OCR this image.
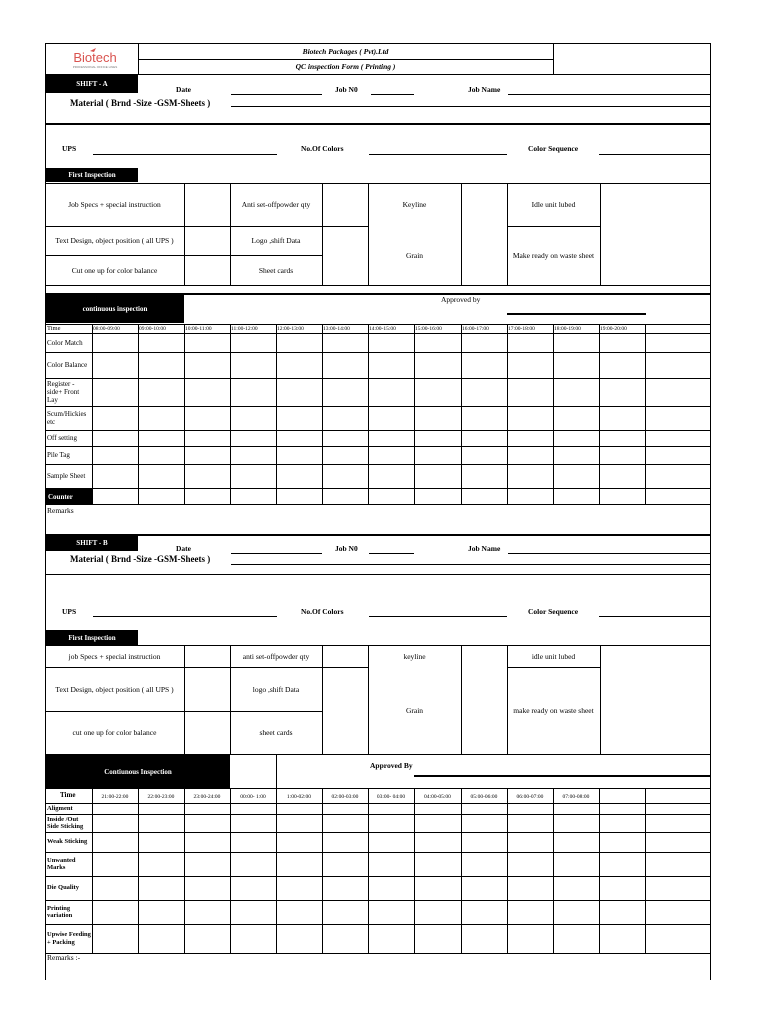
Biotech
PROFESSIONAL OFFICE LINES
Biotech Packages ( Pvt).Ltd
QC inspection Form ( Printing )
SHIFT - A
Date	Job N0	Job Name
Material ( Brnd -Size -GSM-Sheets )
UPS	No.Of Colors	Color Sequence
First Inspection
Job Specs + special instruction	Anti set-offpowder qty	Keyline	Idle unit lubed
Text Design, object position ( all UPS )	Logo ,shift Data
Grain	Make ready on waste sheet
Cut one up for color balance	Sheet cards
continuous inspection
Approved by
Remarks
SHIFT - B
Date	Job N0	Job Name
Material ( Brnd -Size -GSM-Sheets )
UPS	No.Of Colors	Color Sequence
First Inspection
job Specs + special instruction	anti set-offpowder qty	keyline	idle unit lubed
Text Design, object position ( all UPS )	logo ,shift Data
Grain	make ready on waste sheet
cut one up for color balance	sheet cards
Contiunous Inspection
Approved By
Remarks :-
Time	08:00-09:00	09:00-10:00	10:00-11:00	11:00-12:00	12:00-13:00	13:00-14:00	14:00-15:00	15:00-16:00	16:00-17:00	17:00-18:00	18:00-19:00	19:00-20:00
Color Match
Color Balance
Register - side+ Front Lay
Scum/Hickies etc
Off setting
Pile Tag
Sample Sheet
Counter
Time	21:00-22:00	22:00-23:00	23:00-24:00	00:00- 1:00	1:00-02:00	02:00-03:00	03:00- 04:00	04:00-05:00	05:00-06:00	06:00-07:00	07:00-08:00
Aligment
Inside /Out Side Sticking
Weak Sticking
Unwanted Marks
Die Quality
Printing variation
Upwise Feeding + Packing
